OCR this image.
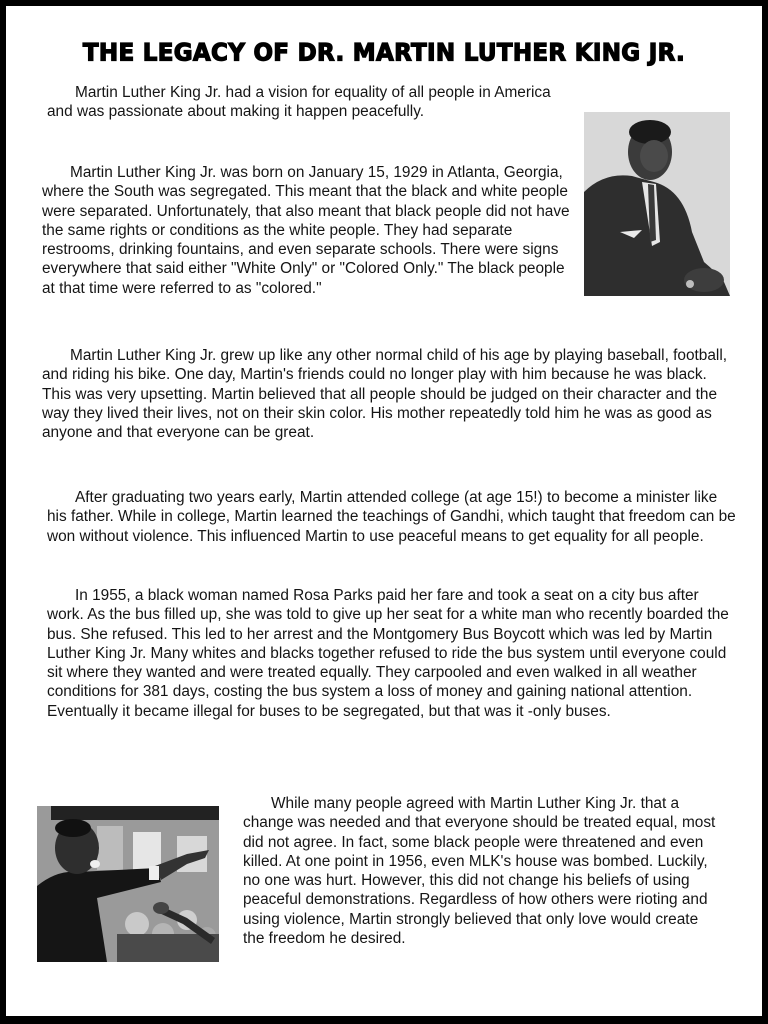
THE LEGACY OF DR. MARTIN LUTHER KING JR.

Martin Luther King Jr. had a vision for equality of all people in America and was passionate about making it happen peacefully.

Martin Luther King Jr. was born on January 15, 1929 in Atlanta, Georgia, where the South was segregated. This meant that the black and white people were separated. Unfortunately, that also meant that black people did not have the same rights or conditions as the white people. They had separate restrooms, drinking fountains, and even separate schools. There were signs everywhere that said either "White Only" or "Colored Only." The black people at that time were referred to as "colored."

Martin Luther King Jr. grew up like any other normal child of his age by playing baseball, football, and riding his bike. One day, Martin's friends could no longer play with him because he was black. This was very upsetting. Martin believed that all people should be judged on their character and the way they lived their lives, not on their skin color. His mother repeatedly told him he was as good as anyone and that everyone can be great.

After graduating two years early, Martin attended college (at age 15!) to become a minister like his father. While in college, Martin learned the teachings of Gandhi, which taught that freedom can be won without violence. This influenced Martin to use peaceful means to get equality for all people.

In 1955, a black woman named Rosa Parks paid her fare and took a seat on a city bus after work. As the bus filled up, she was told to give up her seat for a white man who recently boarded the bus. She refused. This led to her arrest and the Montgomery Bus Boycott which was led by Martin Luther King Jr. Many whites and blacks together refused to ride the bus system until everyone could sit where they wanted and were treated equally. They carpooled and even walked in all weather conditions for 381 days, costing the bus system a loss of money and gaining national attention. Eventually it became illegal for buses to be segregated, but that was it -only buses.

While many people agreed with Martin Luther King Jr. that a change was needed and that everyone should be treated equal, most did not agree. In fact, some black people were threatened and even killed. At one point in 1956, even MLK's house was bombed. Luckily, no one was hurt. However, this did not change his beliefs of using peaceful demonstrations. Regardless of how others were rioting and using violence, Martin strongly believed that only love would create the freedom he desired.
